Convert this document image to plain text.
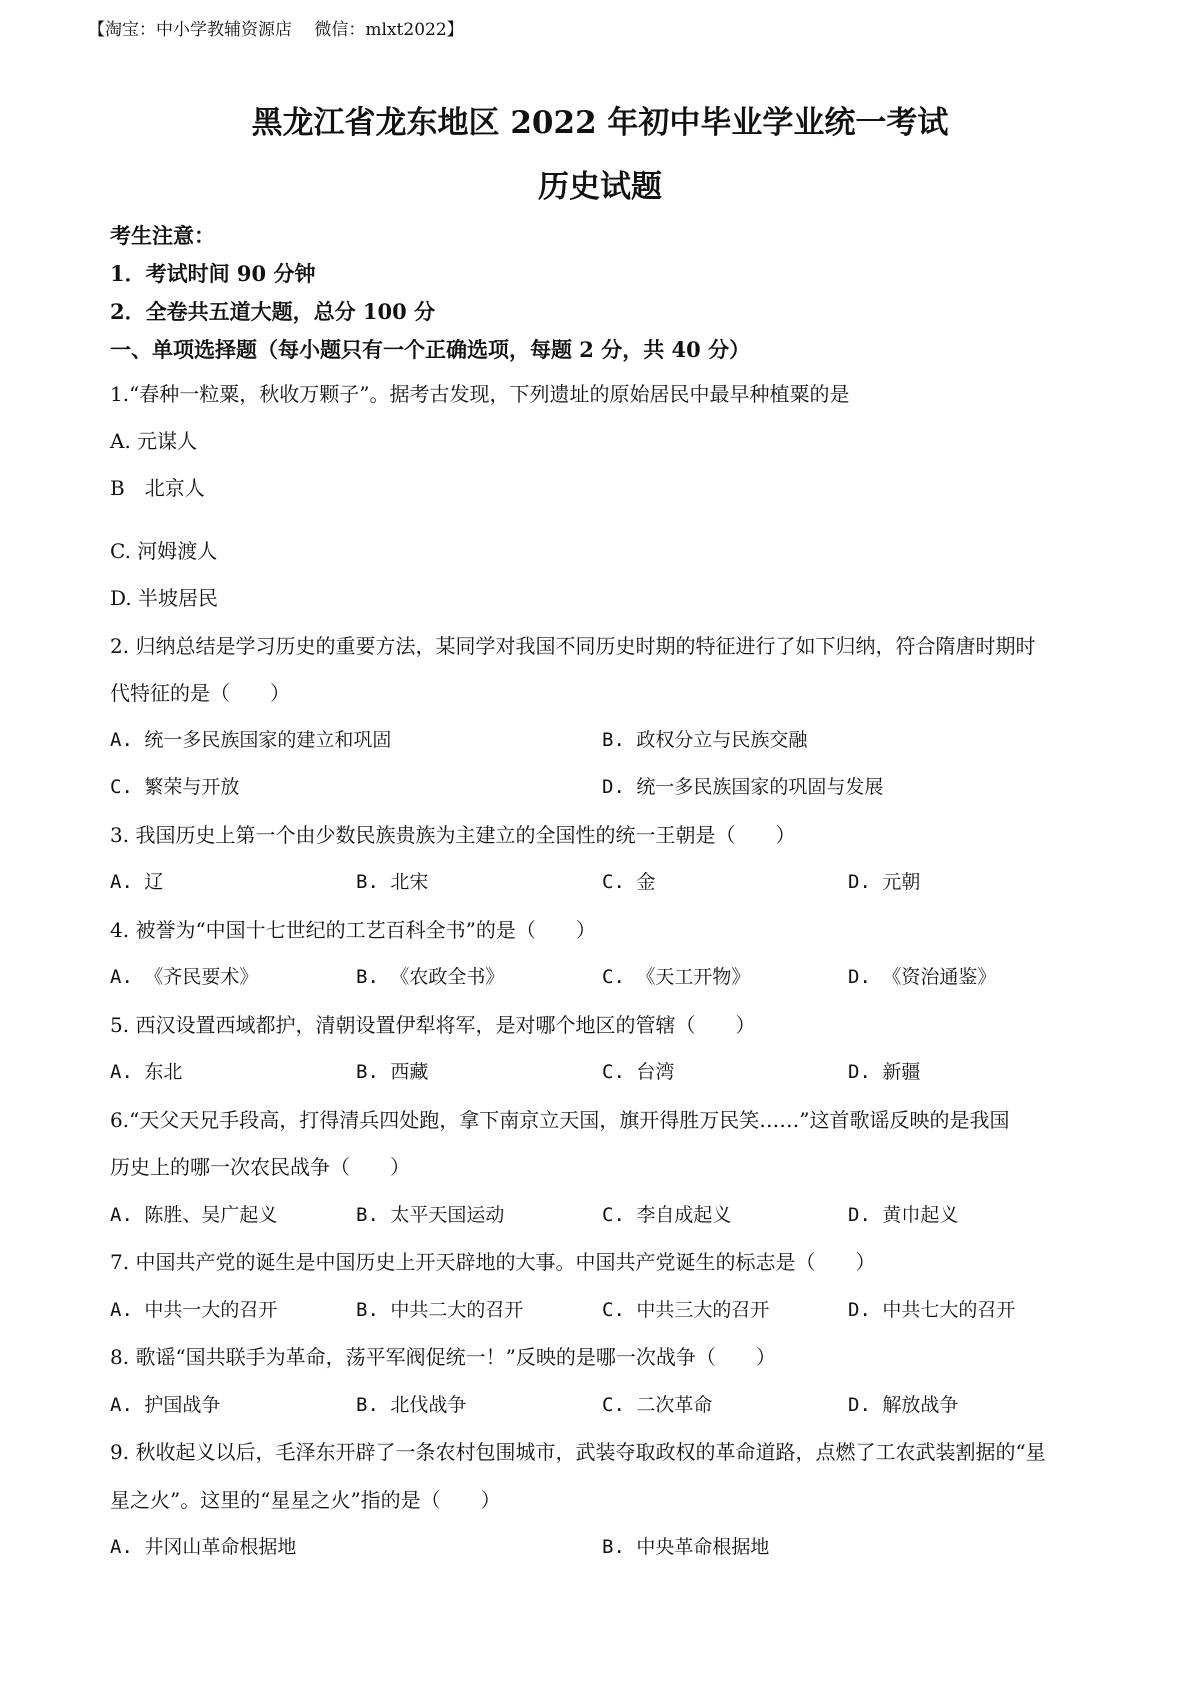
【淘宝：中小学教辅资源店　 微信：mlxt2022】
黑龙江省龙东地区 2022 年初中毕业学业统一考试
历史试题
考生注意：
1．考试时间 90 分钟
2．全卷共五道大题，总分 100 分
一、单项选择题（每小题只有一个正确选项，每题 2 分，共 40 分）
1.“春种一粒粟，秋收万颗子”。据考古发现，下列遗址的原始居民中最早种植粟的是
A. 元谋人
B　北京人
C. 河姆渡人
D. 半坡居民
2. 归纳总结是学习历史的重要方法，某同学对我国不同历史时期的特征进行了如下归纳，符合隋唐时期时
代特征的是（　　）
A. 统一多民族国家的建立和巩固	B. 政权分立与民族交融
C. 繁荣与开放	D. 统一多民族国家的巩固与发展
3. 我国历史上第一个由少数民族贵族为主建立的全国性的统一王朝是（　　）
A. 辽	B. 北宋	C. 金	D. 元朝
4. 被誉为“中国十七世纪的工艺百科全书”的是（　　）
A. 《齐民要术》	B. 《农政全书》	C. 《天工开物》	D. 《资治通鉴》
5. 西汉设置西域都护，清朝设置伊犁将军，是对哪个地区的管辖（　　）
A. 东北	B. 西藏	C. 台湾	D. 新疆
6.“天父天兄手段高，打得清兵四处跑，拿下南京立天国，旗开得胜万民笑……”这首歌谣反映的是我国
历史上的哪一次农民战争（　　）
A. 陈胜、吴广起义	B. 太平天国运动	C. 李自成起义	D. 黄巾起义
7. 中国共产党的诞生是中国历史上开天辟地的大事。中国共产党诞生的标志是（　　）
A. 中共一大的召开	B. 中共二大的召开	C. 中共三大的召开	D. 中共七大的召开
8. 歌谣“国共联手为革命，荡平军阀促统一！”反映的是哪一次战争（　　）
A. 护国战争	B. 北伐战争	C. 二次革命	D. 解放战争
9. 秋收起义以后，毛泽东开辟了一条农村包围城市，武装夺取政权的革命道路，点燃了工农武装割据的“星
星之火”。这里的“星星之火”指的是（　　）
A. 井冈山革命根据地	B. 中央革命根据地
